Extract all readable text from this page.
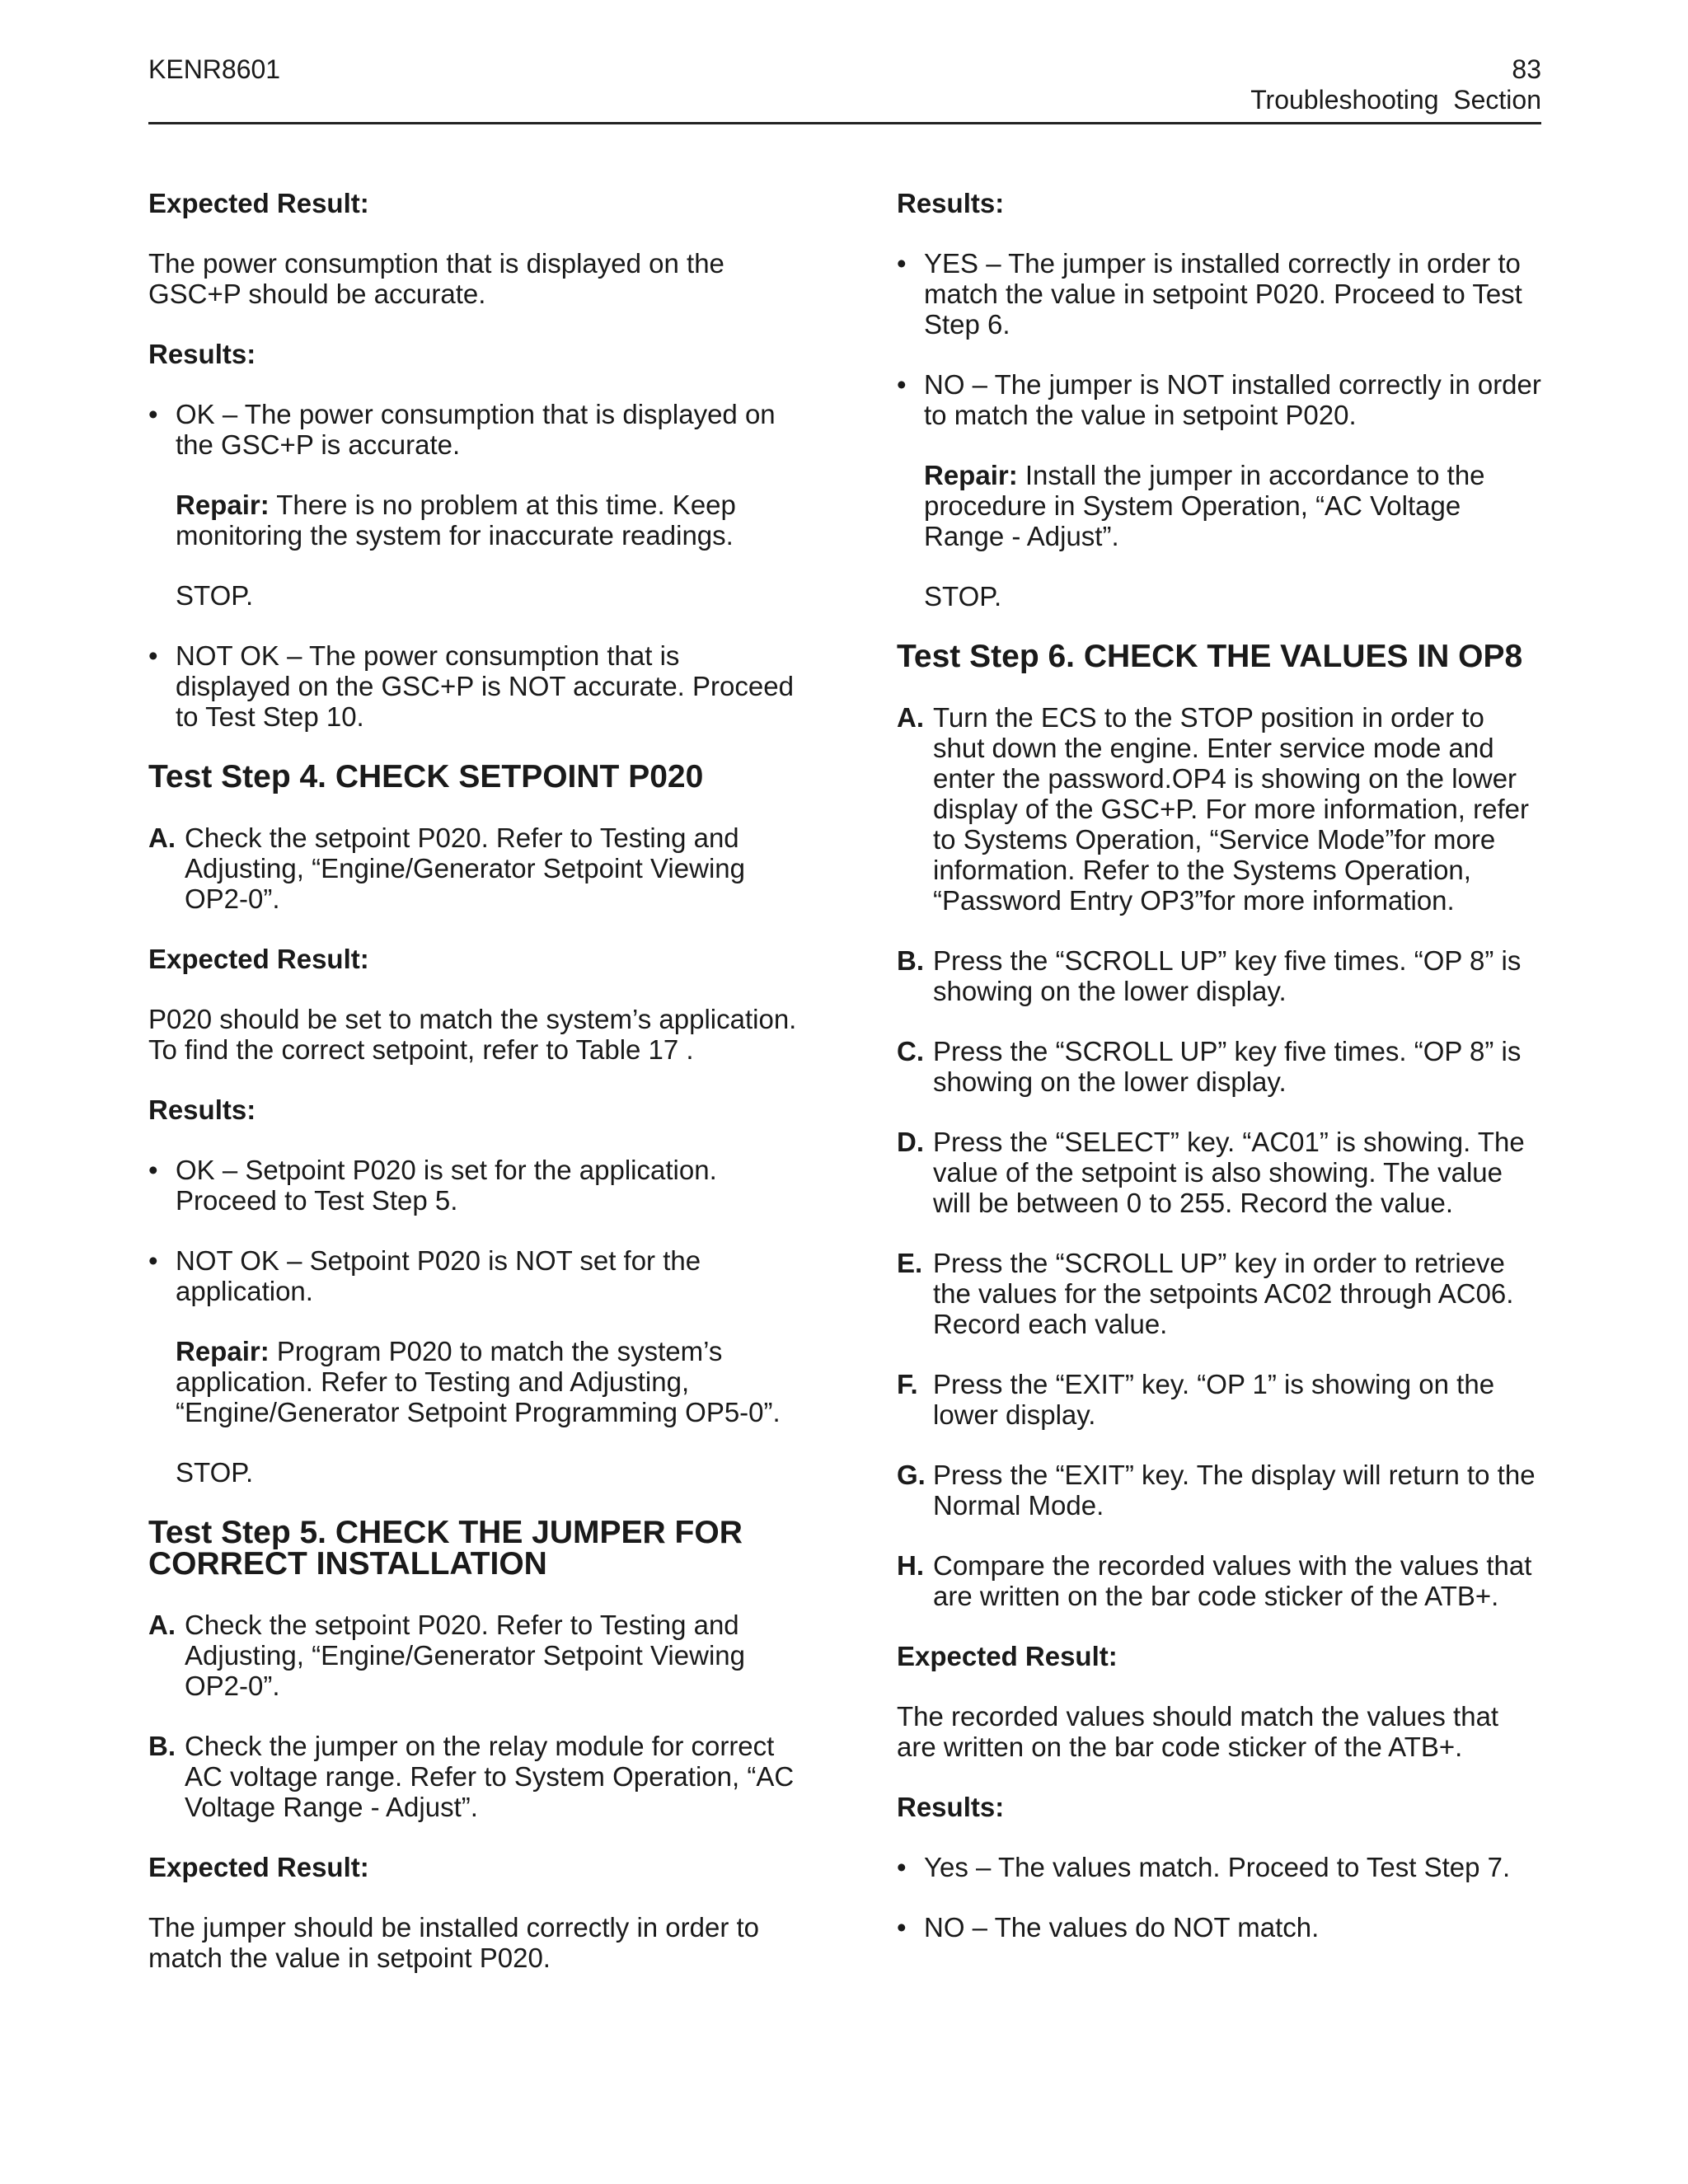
KENR8601	83
Troubleshooting  Section

Expected Result:

The power consumption that is displayed on the GSC+P should be accurate.

Results:

• OK – The power consumption that is displayed on the GSC+P is accurate.
Repair: There is no problem at this time. Keep monitoring the system for inaccurate readings.
STOP.
• NOT OK – The power consumption that is displayed on the GSC+P is NOT accurate. Proceed to Test Step 10.
Test Step 4. CHECK SETPOINT P020
A. Check the setpoint P020. Refer to Testing and Adjusting, “Engine/Generator Setpoint Viewing OP2-0”.

Expected Result:

P020 should be set to match the system’s application. To find the correct setpoint, refer to Table 17 .

Results:

• OK – Setpoint P020 is set for the application. Proceed to Test Step 5.
• NOT OK – Setpoint P020 is NOT set for the application.
Repair: Program P020 to match the system’s application. Refer to Testing and Adjusting, “Engine/Generator Setpoint Programming OP5-0”.
STOP.
Test Step 5. CHECK THE JUMPER FOR CORRECT INSTALLATION
A. Check the setpoint P020. Refer to Testing and Adjusting, “Engine/Generator Setpoint Viewing OP2-0”.
B. Check the jumper on the relay module for correct AC voltage range. Refer to System Operation, “AC Voltage Range - Adjust”.

Expected Result:

The jumper should be installed correctly in order to match the value in setpoint P020.

Results:

• YES – The jumper is installed correctly in order to match the value in setpoint P020. Proceed to Test Step 6.
• NO – The jumper is NOT installed correctly in order to match the value in setpoint P020.
Repair: Install the jumper in accordance to the procedure in System Operation, “AC Voltage Range - Adjust”.
STOP.
Test Step 6. CHECK THE VALUES IN OP8
A. Turn the ECS to the STOP position in order to shut down the engine. Enter service mode and enter the password.OP4 is showing on the lower display of the GSC+P. For more information, refer to Systems Operation, “Service Mode”for more information. Refer to the Systems Operation, “Password Entry OP3”for more information.
B. Press the “SCROLL UP” key five times. “OP 8” is showing on the lower display.
C. Press the “SCROLL UP” key five times. “OP 8” is showing on the lower display.
D. Press the “SELECT” key. “AC01” is showing. The value of the setpoint is also showing. The value will be between 0 to 255. Record the value.
E. Press the “SCROLL UP” key in order to retrieve the values for the setpoints AC02 through AC06. Record each value.
F. Press the “EXIT” key. “OP 1” is showing on the lower display.
G. Press the “EXIT” key. The display will return to the Normal Mode.
H. Compare the recorded values with the values that are written on the bar code sticker of the ATB+.

Expected Result:

The recorded values should match the values that are written on the bar code sticker of the ATB+.

Results:

• Yes – The values match. Proceed to Test Step 7.
• NO – The values do NOT match.
